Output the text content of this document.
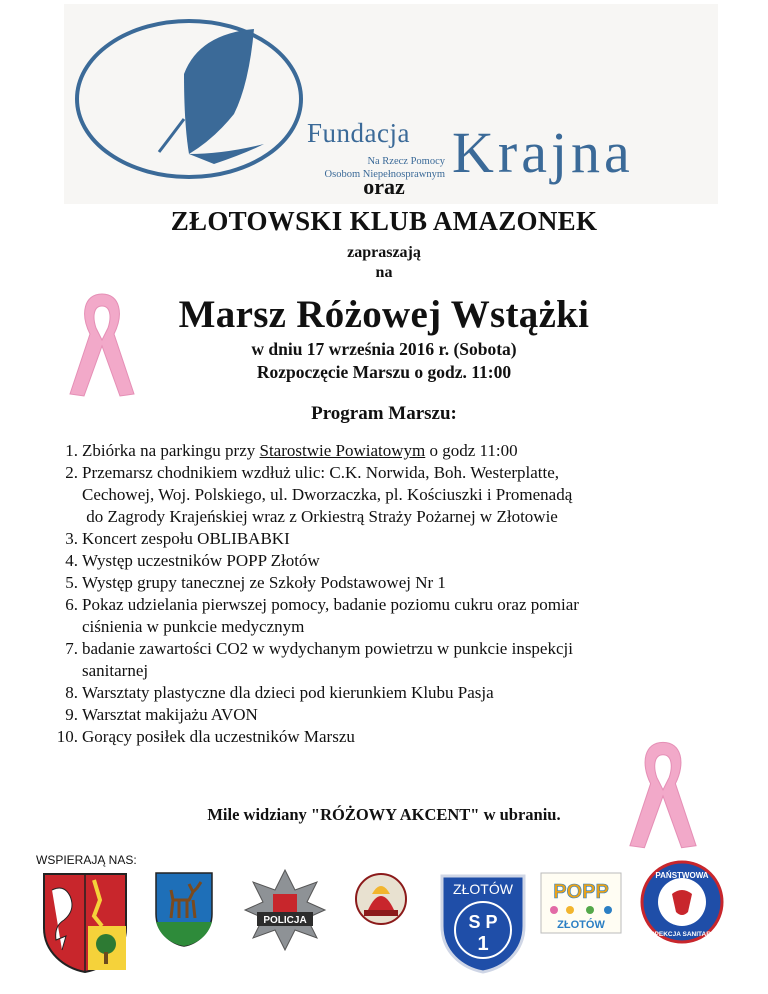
Fundacja
Na Rzecz Pomocy
Osobom Niepełnosprawnym Krajna
oraz
ZŁOTOWSKI KLUB AMAZONEK
zapraszają
na
Marsz Różowej Wstążki
w dniu 17 września 2016 r. (Sobota)
Rozpoczęcie Marszu o godz. 11:00
Program Marszu:
1. Zbiórka na parkingu przy Starostwie Powiatowym o godz 11:00
2. Przemarsz chodnikiem wzdłuż ulic: C.K. Norwida, Boh. Westerplatte,
Cechowej, Woj. Polskiego, ul. Dworzaczka, pl. Kościuszki i Promenadą
do Zagrody Krajeńskiej wraz z Orkiestrą Straży Pożarnej w Złotowie
3. Koncert zespołu OBLIBABKI
4. Występ uczestników POPP Złotów
5. Występ grupy tanecznej ze Szkoły Podstawowej Nr 1
6. Pokaz udzielania pierwszej pomocy, badanie poziomu cukru oraz pomiar
ciśnienia w punkcie medycznym
7. badanie zawartości CO2 w wydychanym powietrzu w punkcie inspekcji
sanitarnej
8. Warsztaty plastyczne dla dzieci pod kierunkiem Klubu Pasja
9. Warsztat makijażu AVON
10. Gorący posiłek dla uczestników Marszu
Mile widziany "RÓŻOWY AKCENT" w ubraniu.
WSPIERAJĄ NAS:
POLICJA
ZŁOTÓW
S P
1
POPP
ZŁOTÓW
PAŃSTWOWA
INSPEKCJA SANITARNA
